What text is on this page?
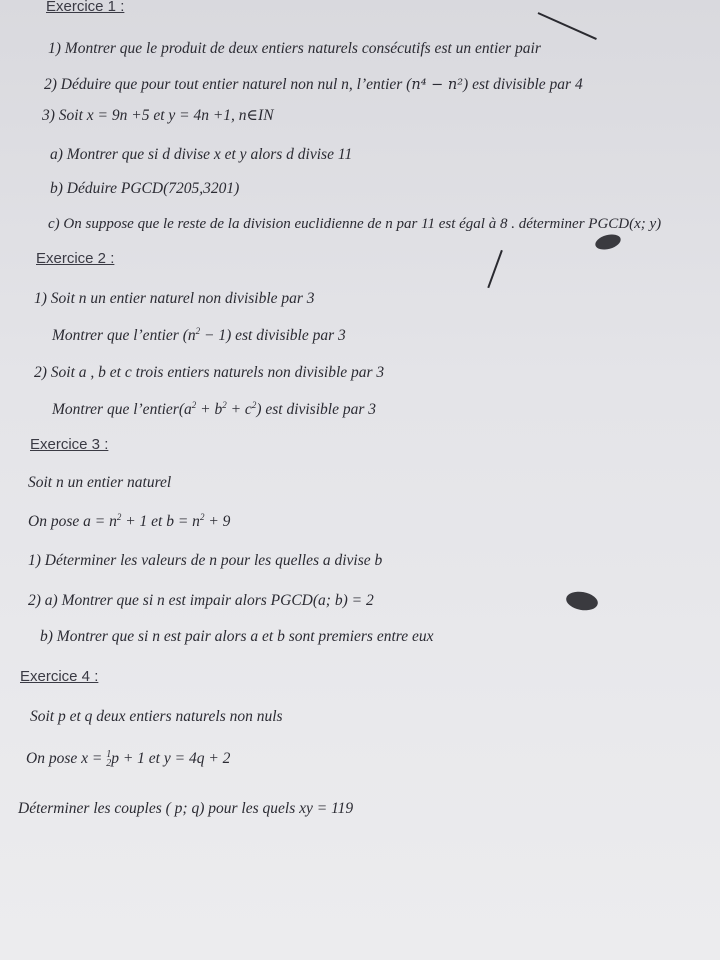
Exercice 1 :
1) Montrer que le produit de deux entiers naturels consécutifs est un entier pair
2) Déduire que pour tout entier naturel non nul n, l’entier (n⁴ − n²) est divisible par 4
3) Soit x = 9n +5 et y = 4n +1, n∈IN
a) Montrer que si d divise x et y alors d divise 11
b) Déduire PGCD(7205,3201)
c) On suppose que le reste de la division euclidienne de n par 11 est égal à 8 . déterminer PGCD(x; y)
Exercice 2 :
1) Soit n un entier naturel non divisible par 3
Montrer que l’entier $(n^2 - 1)$ est divisible par 3
2) Soit a , b et c trois entiers naturels non divisible par 3
Montrer que $l’entier(a^2 + b^2 + c^2)$ est divisible par 3
Exercice 3 :
Soit n un entier naturel
On pose $a = n^2 + 1$ et $b = n^2 + 9$
1) Déterminer les valeurs de n pour les quelles a divise b
2) a) Montrer que si n est impair alors PGCD(a; b) = 2
b) Montrer que si n est pair alors a et b sont premiers entre eux
Exercice 4 :
Soit p et q deux entiers naturels non nuls
On pose x = 1
2p + 1 et y = 4q + 2
Déterminer les couples ( p; q) pour les quels xy = 119
